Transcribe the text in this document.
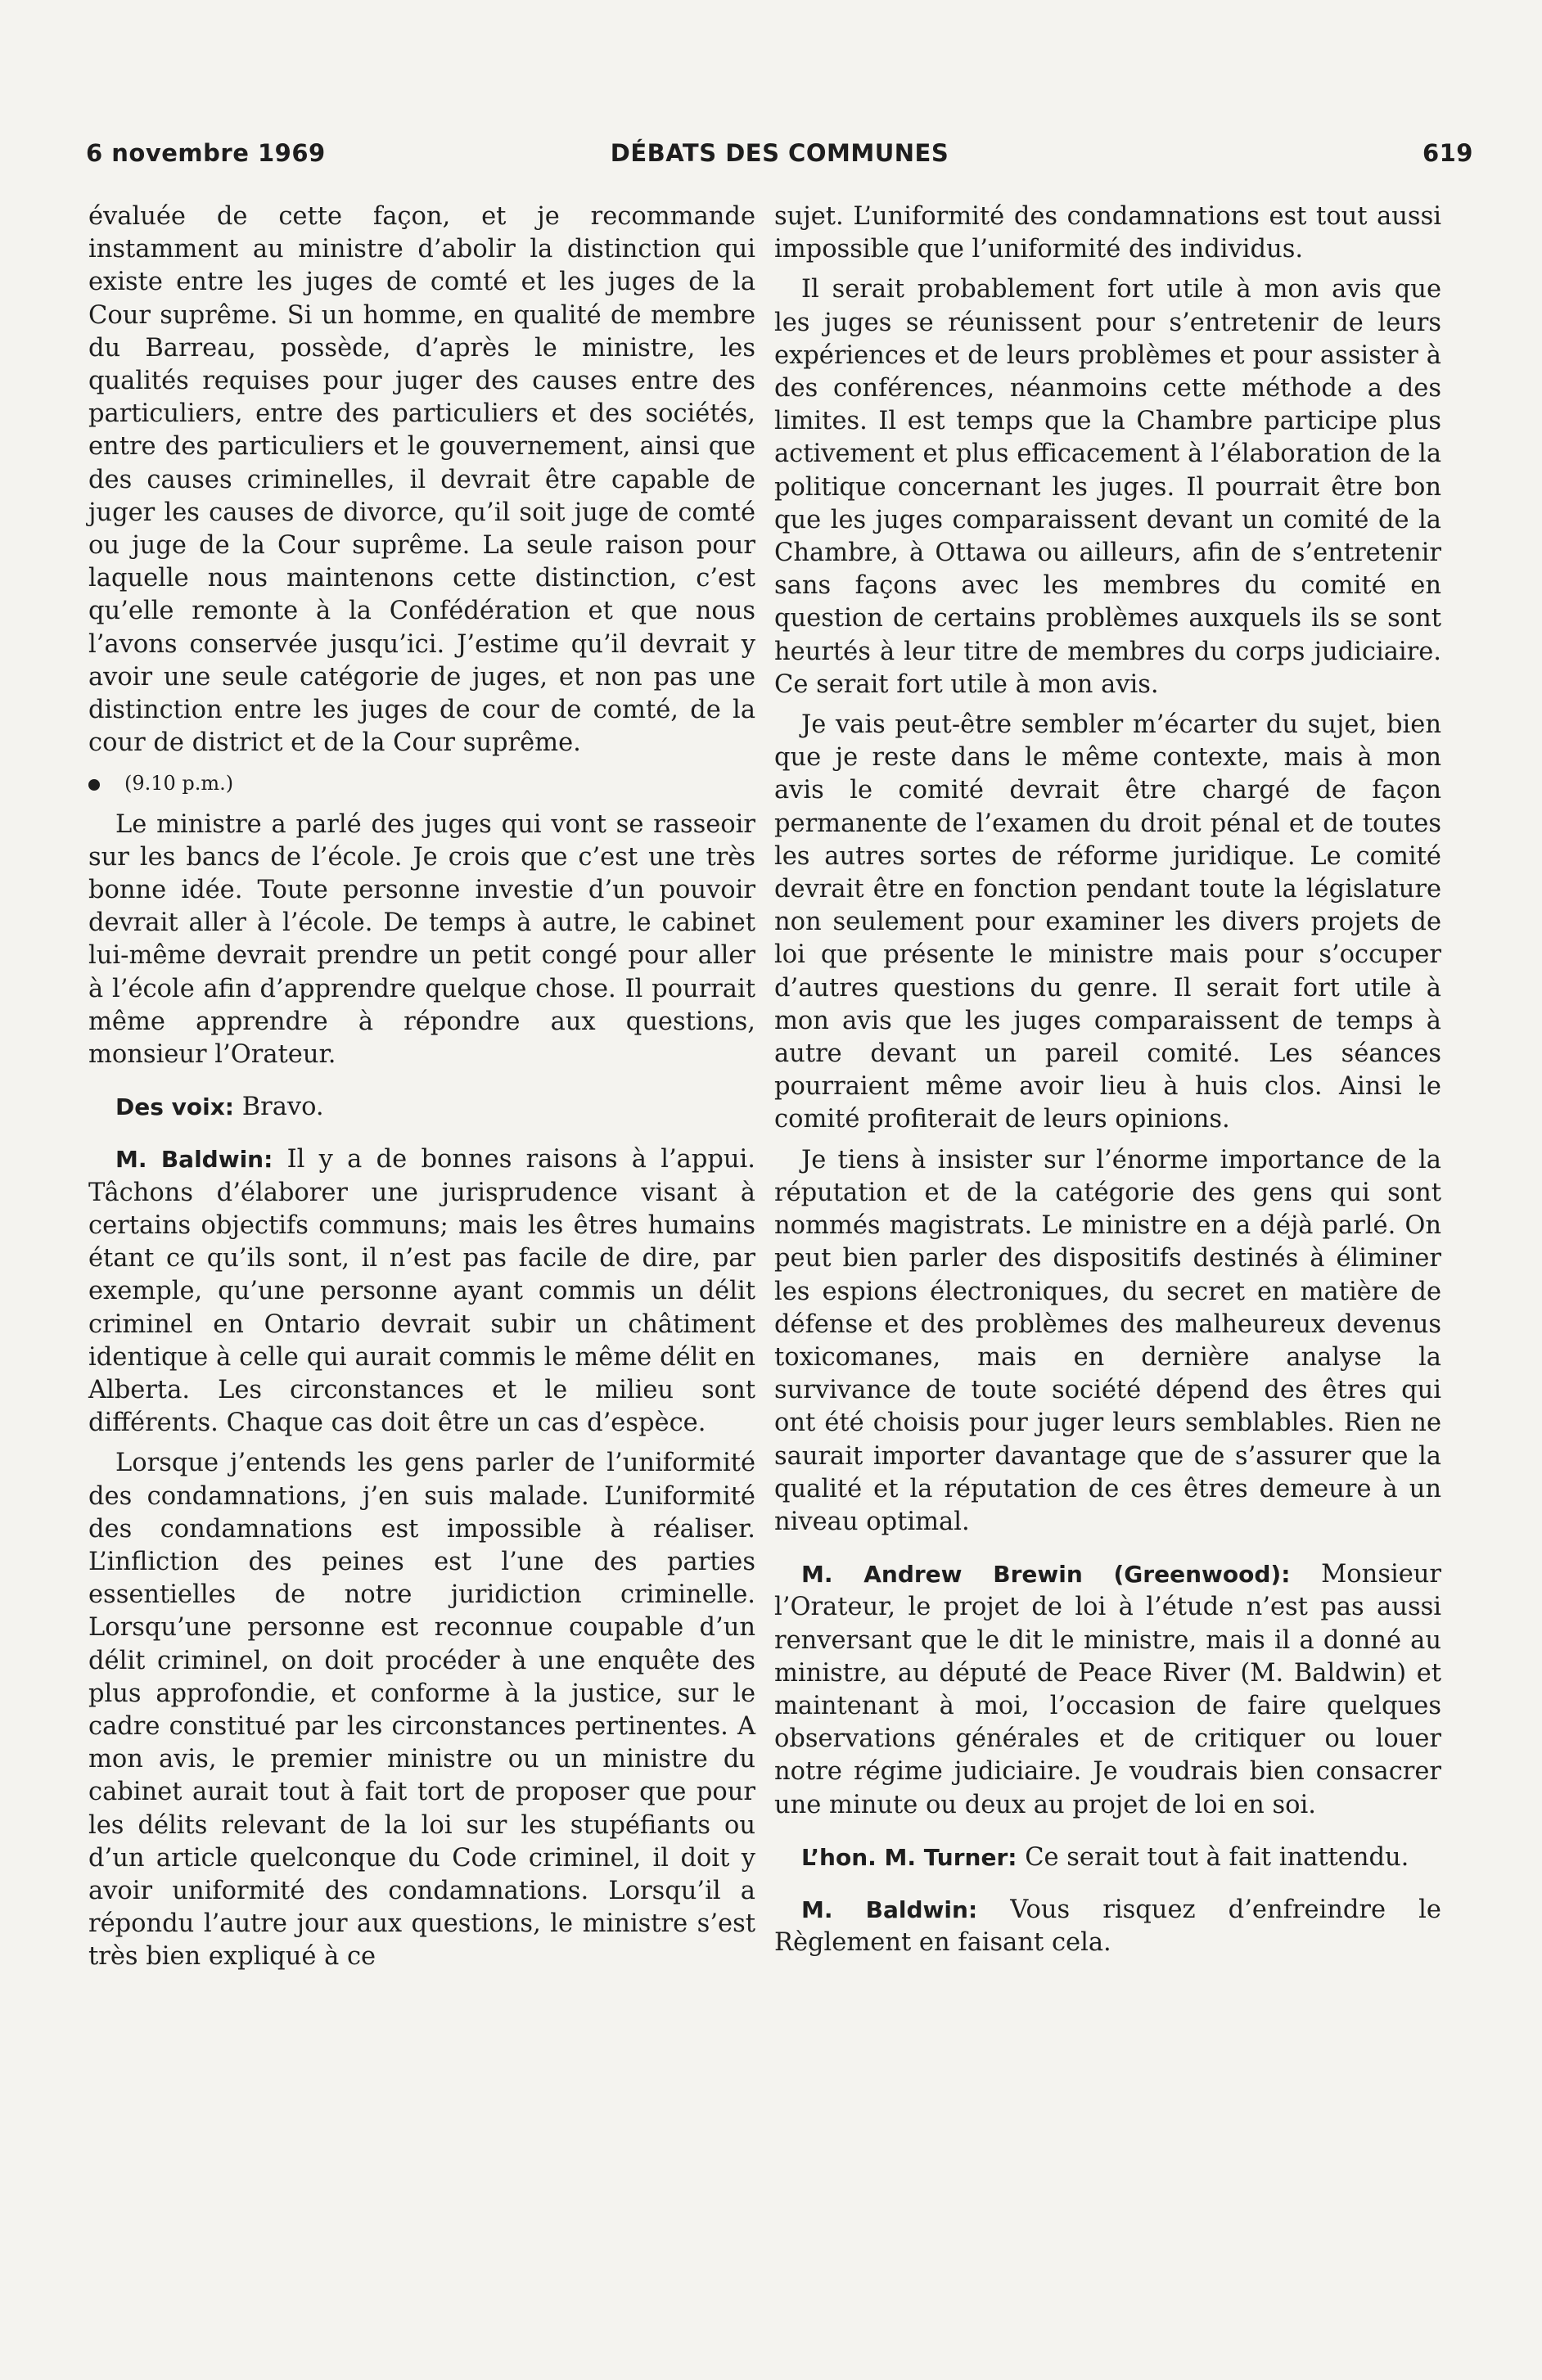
6 novembre 1969	DÉBATS DES COMMUNES	619

évaluée de cette façon, et je recommande instamment au ministre d’abolir la distinction qui existe entre les juges de comté et les juges de la Cour suprême. Si un homme, en qualité de membre du Barreau, possède, d’après le ministre, les qualités requises pour juger des causes entre des particuliers, entre des particuliers et des sociétés, entre des particuliers et le gouvernement, ainsi que des causes criminelles, il devrait être capable de juger les causes de divorce, qu’il soit juge de comté ou juge de la Cour suprême. La seule raison pour laquelle nous maintenons cette distinction, c’est qu’elle remonte à la Confédération et que nous l’avons conservée jusqu’ici. J’estime qu’il devrait y avoir une seule catégorie de juges, et non pas une distinction entre les juges de cour de comté, de la cour de district et de la Cour suprême.

(9.10 p.m.)

Le ministre a parlé des juges qui vont se rasseoir sur les bancs de l’école. Je crois que c’est une très bonne idée. Toute personne investie d’un pouvoir devrait aller à l’école. De temps à autre, le cabinet lui-même devrait prendre un petit congé pour aller à l’école afin d’apprendre quelque chose. Il pourrait même apprendre à répondre aux questions, monsieur l’Orateur.

Des voix: Bravo.

M. Baldwin: Il y a de bonnes raisons à l’appui. Tâchons d’élaborer une jurisprudence visant à certains objectifs communs; mais les êtres humains étant ce qu’ils sont, il n’est pas facile de dire, par exemple, qu’une personne ayant commis un délit criminel en Ontario devrait subir un châtiment identique à celle qui aurait commis le même délit en Alberta. Les circonstances et le milieu sont différents. Chaque cas doit être un cas d’espèce.

Lorsque j’entends les gens parler de l’uniformité des condamnations, j’en suis malade. L’uniformité des condamnations est impossible à réaliser. L’infliction des peines est l’une des parties essentielles de notre juridiction criminelle. Lorsqu’une personne est reconnue coupable d’un délit criminel, on doit procéder à une enquête des plus approfondie, et conforme à la justice, sur le cadre constitué par les circonstances pertinentes. A mon avis, le premier ministre ou un ministre du cabinet aurait tout à fait tort de proposer que pour les délits relevant de la loi sur les stupéfiants ou d’un article quelconque du Code criminel, il doit y avoir uniformité des condamnations. Lorsqu’il a répondu l’autre jour aux questions, le ministre s’est très bien expliqué à ce

sujet. L’uniformité des condamnations est tout aussi impossible que l’uniformité des individus.

Il serait probablement fort utile à mon avis que les juges se réunissent pour s’entretenir de leurs expériences et de leurs problèmes et pour assister à des conférences, néanmoins cette méthode a des limites. Il est temps que la Chambre participe plus activement et plus efficacement à l’élaboration de la politique concernant les juges. Il pourrait être bon que les juges comparaissent devant un comité de la Chambre, à Ottawa ou ailleurs, afin de s’entretenir sans façons avec les membres du comité en question de certains problèmes auxquels ils se sont heurtés à leur titre de membres du corps judiciaire. Ce serait fort utile à mon avis.

Je vais peut-être sembler m’écarter du sujet, bien que je reste dans le même contexte, mais à mon avis le comité devrait être chargé de façon permanente de l’examen du droit pénal et de toutes les autres sortes de réforme juridique. Le comité devrait être en fonction pendant toute la législature non seulement pour examiner les divers projets de loi que présente le ministre mais pour s’occuper d’autres questions du genre. Il serait fort utile à mon avis que les juges comparaissent de temps à autre devant un pareil comité. Les séances pourraient même avoir lieu à huis clos. Ainsi le comité profiterait de leurs opinions.

Je tiens à insister sur l’énorme importance de la réputation et de la catégorie des gens qui sont nommés magistrats. Le ministre en a déjà parlé. On peut bien parler des dispositifs destinés à éliminer les espions électroniques, du secret en matière de défense et des problèmes des malheureux devenus toxicomanes, mais en dernière analyse la survivance de toute société dépend des êtres qui ont été choisis pour juger leurs semblables. Rien ne saurait importer davantage que de s’assurer que la qualité et la réputation de ces êtres demeure à un niveau optimal.

M. Andrew Brewin (Greenwood): Monsieur l’Orateur, le projet de loi à l’étude n’est pas aussi renversant que le dit le ministre, mais il a donné au ministre, au député de Peace River (M. Baldwin) et maintenant à moi, l’occasion de faire quelques observations générales et de critiquer ou louer notre régime judiciaire. Je voudrais bien consacrer une minute ou deux au projet de loi en soi.

L’hon. M. Turner: Ce serait tout à fait inattendu.

M. Baldwin: Vous risquez d’enfreindre le Règlement en faisant cela.
